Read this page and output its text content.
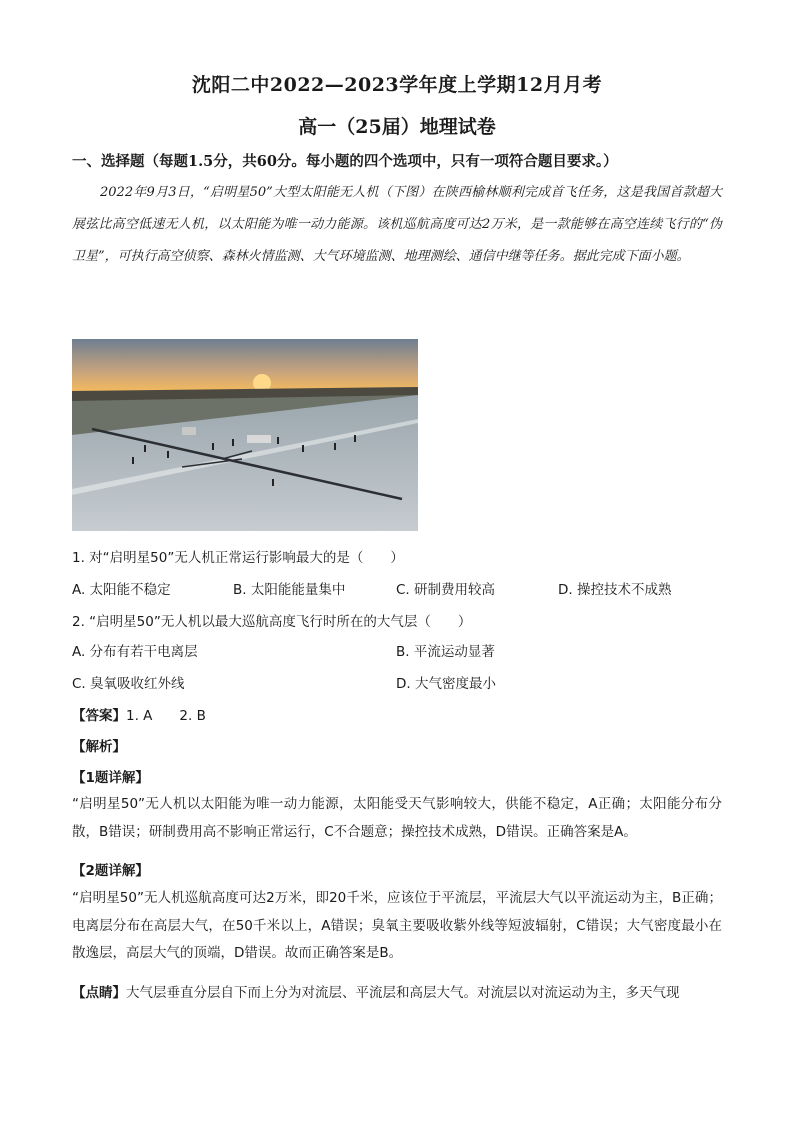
沈阳二中2022—2023学年度上学期12月月考
高一（25届）地理试卷
一、选择题（每题1.5分，共60分。每小题的四个选项中，只有一项符合题目要求。）
2022年9月3日，“启明星50”大型太阳能无人机（下图）在陕西榆林顺利完成首飞任务，这是我国首款超大展弦比高空低速无人机，以太阳能为唯一动力能源。该机巡航高度可达2万米，是一款能够在高空连续飞行的“伪卫星”，可执行高空侦察、森林火情监测、大气环境监测、地理测绘、通信中继等任务。据此完成下面小题。
1. 对“启明星50”无人机正常运行影响最大的是（　　）
A. 太阳能不稳定	B. 太阳能能量集中	C. 研制费用较高	D. 操控技术不成熟
2. “启明星50”无人机以最大巡航高度飞行时所在的大气层（　　）
A. 分布有若干电离层	B. 平流运动显著
C. 臭氧吸收红外线	D. 大气密度最小
【答案】1. A　　2. B
【解析】
【1题详解】
“启明星50”无人机以太阳能为唯一动力能源，太阳能受天气影响较大，供能不稳定，A正确；太阳能分布分散，B错误；研制费用高不影响正常运行，C不合题意；操控技术成熟，D错误。正确答案是A。
【2题详解】
“启明星50”无人机巡航高度可达2万米，即20千米，应该位于平流层，平流层大气以平流运动为主，B正确；电离层分布在高层大气，在50千米以上，A错误；臭氧主要吸收紫外线等短波辐射，C错误；大气密度最小在散逸层，高层大气的顶端，D错误。故而正确答案是B。
【点睛】大气层垂直分层自下而上分为对流层、平流层和高层大气。对流层以对流运动为主，多天气现
